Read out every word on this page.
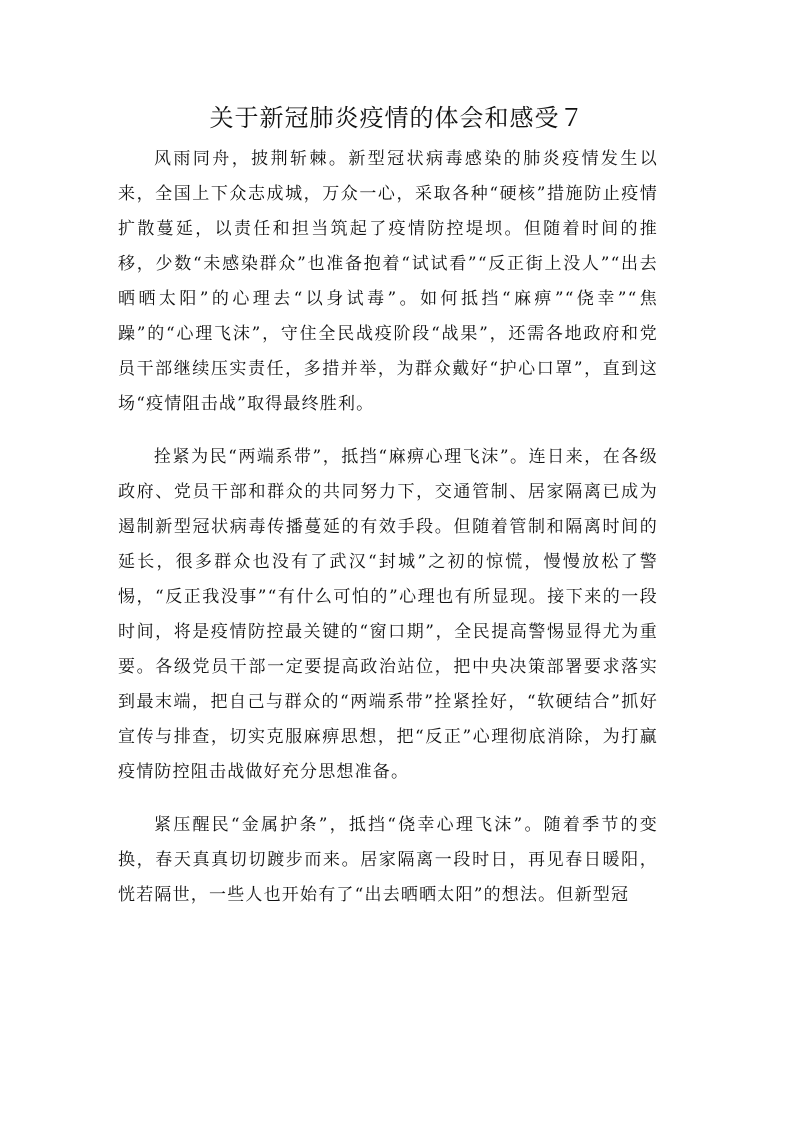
关于新冠肺炎疫情的体会和感受７

风雨同舟，披荆斩棘。新型冠状病毒感染的肺炎疫情发生以来，全国上下众志成城，万众一心，采取各种“硬核”措施防止疫情扩散蔓延，以责任和担当筑起了疫情防控堤坝。但随着时间的推移，少数“未感染群众”也准备抱着“试试看”“反正街上没人”“出去晒晒太阳”的心理去“以身试毒”。如何抵挡“麻痹”“侥幸”“焦躁”的“心理飞沫”，守住全民战疫阶段“战果”，还需各地政府和党员干部继续压实责任，多措并举，为群众戴好“护心口罩”，直到这场“疫情阻击战”取得最终胜利。

拴紧为民“两端系带”，抵挡“麻痹心理飞沫”。连日来，在各级政府、党员干部和群众的共同努力下，交通管制、居家隔离已成为遏制新型冠状病毒传播蔓延的有效手段。但随着管制和隔离时间的延长，很多群众也没有了武汉“封城”之初的惊慌，慢慢放松了警惕，“反正我没事”“有什么可怕的”心理也有所显现。接下来的一段时间，将是疫情防控最关键的“窗口期”，全民提高警惕显得尤为重要。各级党员干部一定要提高政治站位，把中央决策部署要求落实到最末端，把自己与群众的“两端系带”拴紧拴好，“软硬结合”抓好宣传与排查，切实克服麻痹思想，把“反正”心理彻底消除，为打赢疫情防控阻击战做好充分思想准备。

紧压醒民“金属护条”，抵挡“侥幸心理飞沫”。随着季节的变换，春天真真切切踱步而来。居家隔离一段时日，再见春日暖阳，恍若隔世，一些人也开始有了“出去晒晒太阳”的想法。但新型冠
